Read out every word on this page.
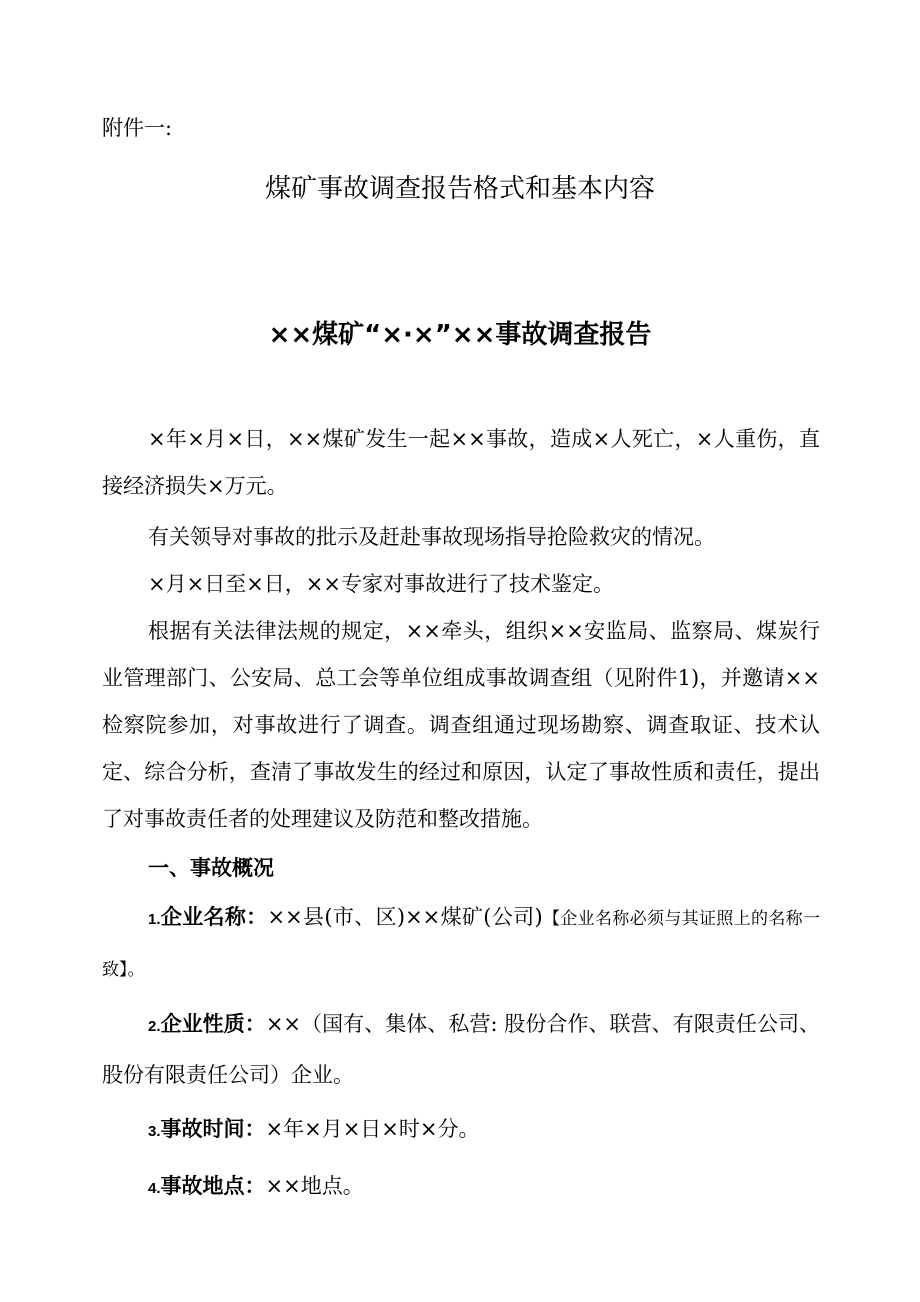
附件一:
煤矿事故调查报告格式和基本内容
××煤矿“×·×”××事故调查报告

×年×月×日，××煤矿发生一起××事故，造成×人死亡，×人重伤，直接经济损失×万元。

有关领导对事故的批示及赶赴事故现场指导抢险救灾的情况。

×月×日至×日，××专家对事故进行了技术鉴定。

根据有关法律法规的规定，××牵头，组织××安监局、监察局、煤炭行业管理部门、公安局、总工会等单位组成事故调查组（见附件1)，并邀请××检察院参加，对事故进行了调查。调查组通过现场勘察、调查取证、技术认定、综合分析，查清了事故发生的经过和原因，认定了事故性质和责任，提出了对事故责任者的处理建议及防范和整改措施。

一、事故概况

1.企业名称：××县(市、区)××煤矿(公司)【企业名称必须与其证照上的名称一致】。

2.企业性质：××（国有、集体、私营: 股份合作、联营、有限责任公司、股份有限责任公司）企业。

3.事故时间：×年×月×日×时×分。

4.事故地点：××地点。
